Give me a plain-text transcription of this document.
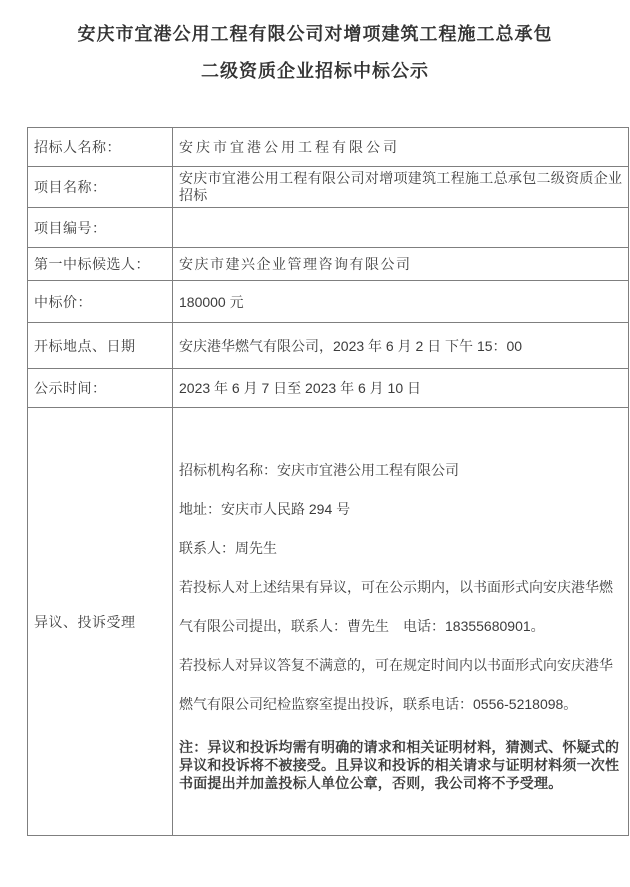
安庆市宜港公用工程有限公司对增项建筑工程施工总承包
二级资质企业招标中标公示
招标人名称：	安庆市宜港公用工程有限公司
项目名称：	安庆市宜港公用工程有限公司对增项建筑工程施工总承包二级资质企业招标
项目编号：	
第一中标候选人：	安庆市建兴企业管理咨询有限公司
中标价：	180000 元
开标地点、日期	安庆港华燃气有限公司，2023 年 6 月 2 日 下午 15：00
公示时间：	2023 年 6 月 7 日至 2023 年 6 月 10 日
异议、投诉受理	

招标机构名称：安庆市宜港公用工程有限公司

地址：安庆市人民路 294 号

联系人：周先生

若投标人对上述结果有异议，可在公示期内，以书面形式向安庆港华燃气有限公司提出，联系人：曹先生　电话：18355680901。

若投标人对异议答复不满意的，可在规定时间内以书面形式向安庆港华燃气有限公司纪检监察室提出投诉，联系电话：0556-5218098。

注：异议和投诉均需有明确的请求和相关证明材料，猜测式、怀疑式的异议和投诉将不被接受。且异议和投诉的相关请求与证明材料须一次性书面提出并加盖投标人单位公章，否则，我公司将不予受理。
